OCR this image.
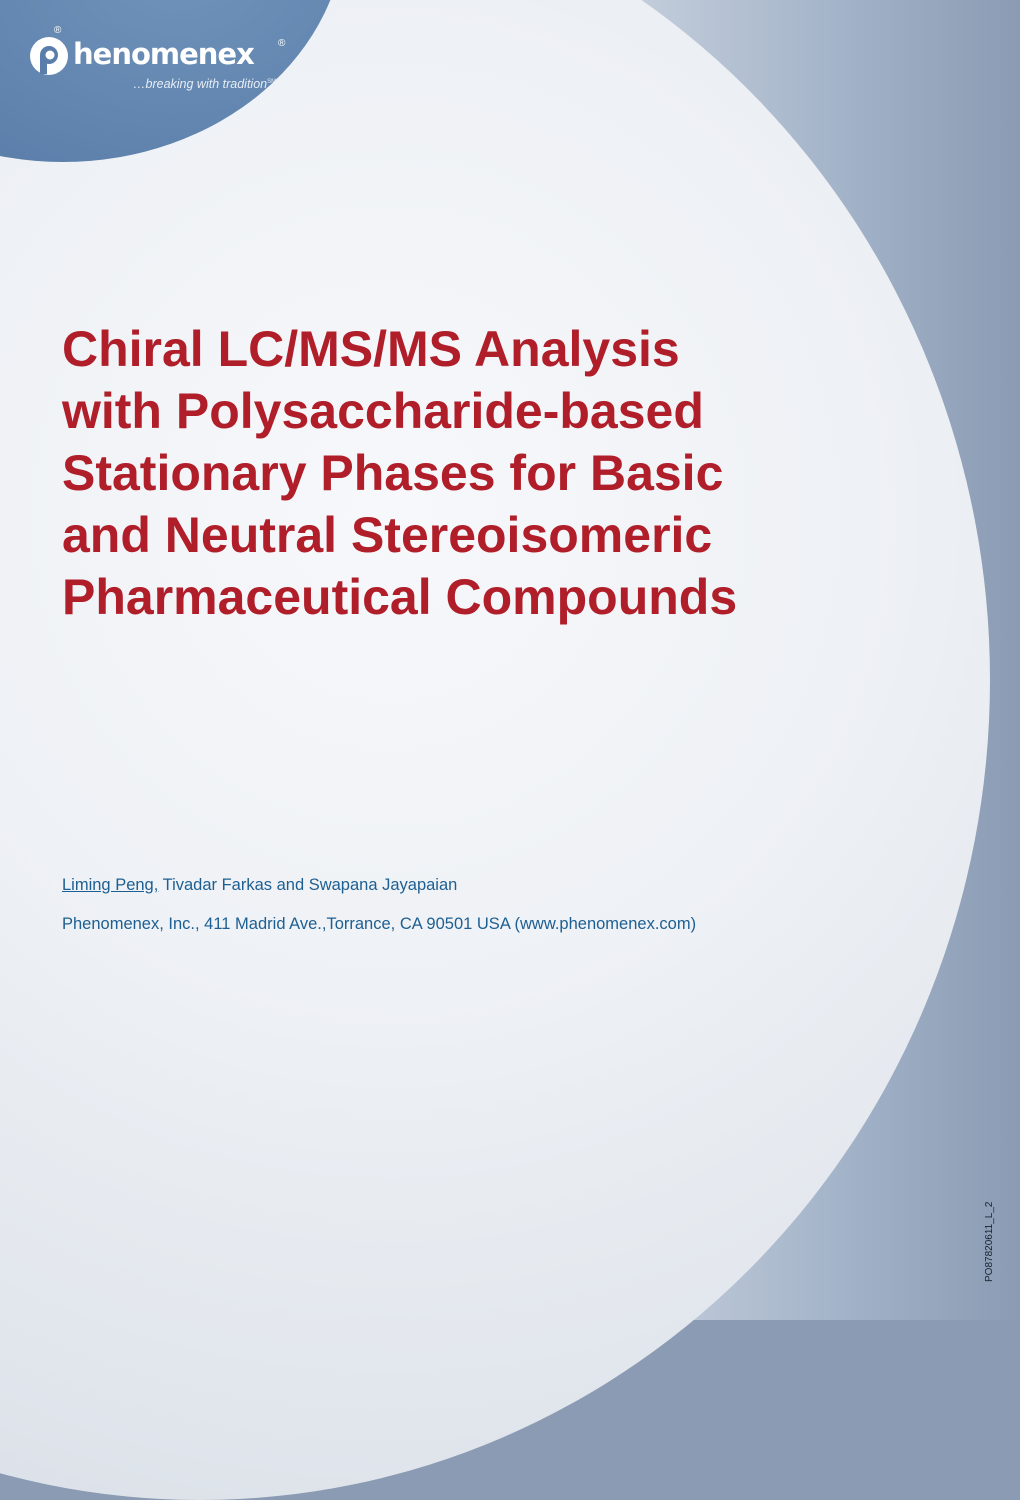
®
henomenex ®
…breaking with tradition℠
Chiral LC/MS/MS Analysis
with Polysaccharide-based
Stationary Phases for Basic
and Neutral Stereoisomeric
Pharmaceutical Compounds
Liming Peng, Tivadar Farkas and Swapana Jayapaian
Phenomenex, Inc., 411 Madrid Ave.,Torrance, CA 90501 USA (www.phenomenex.com)
PO87820611_L_2
